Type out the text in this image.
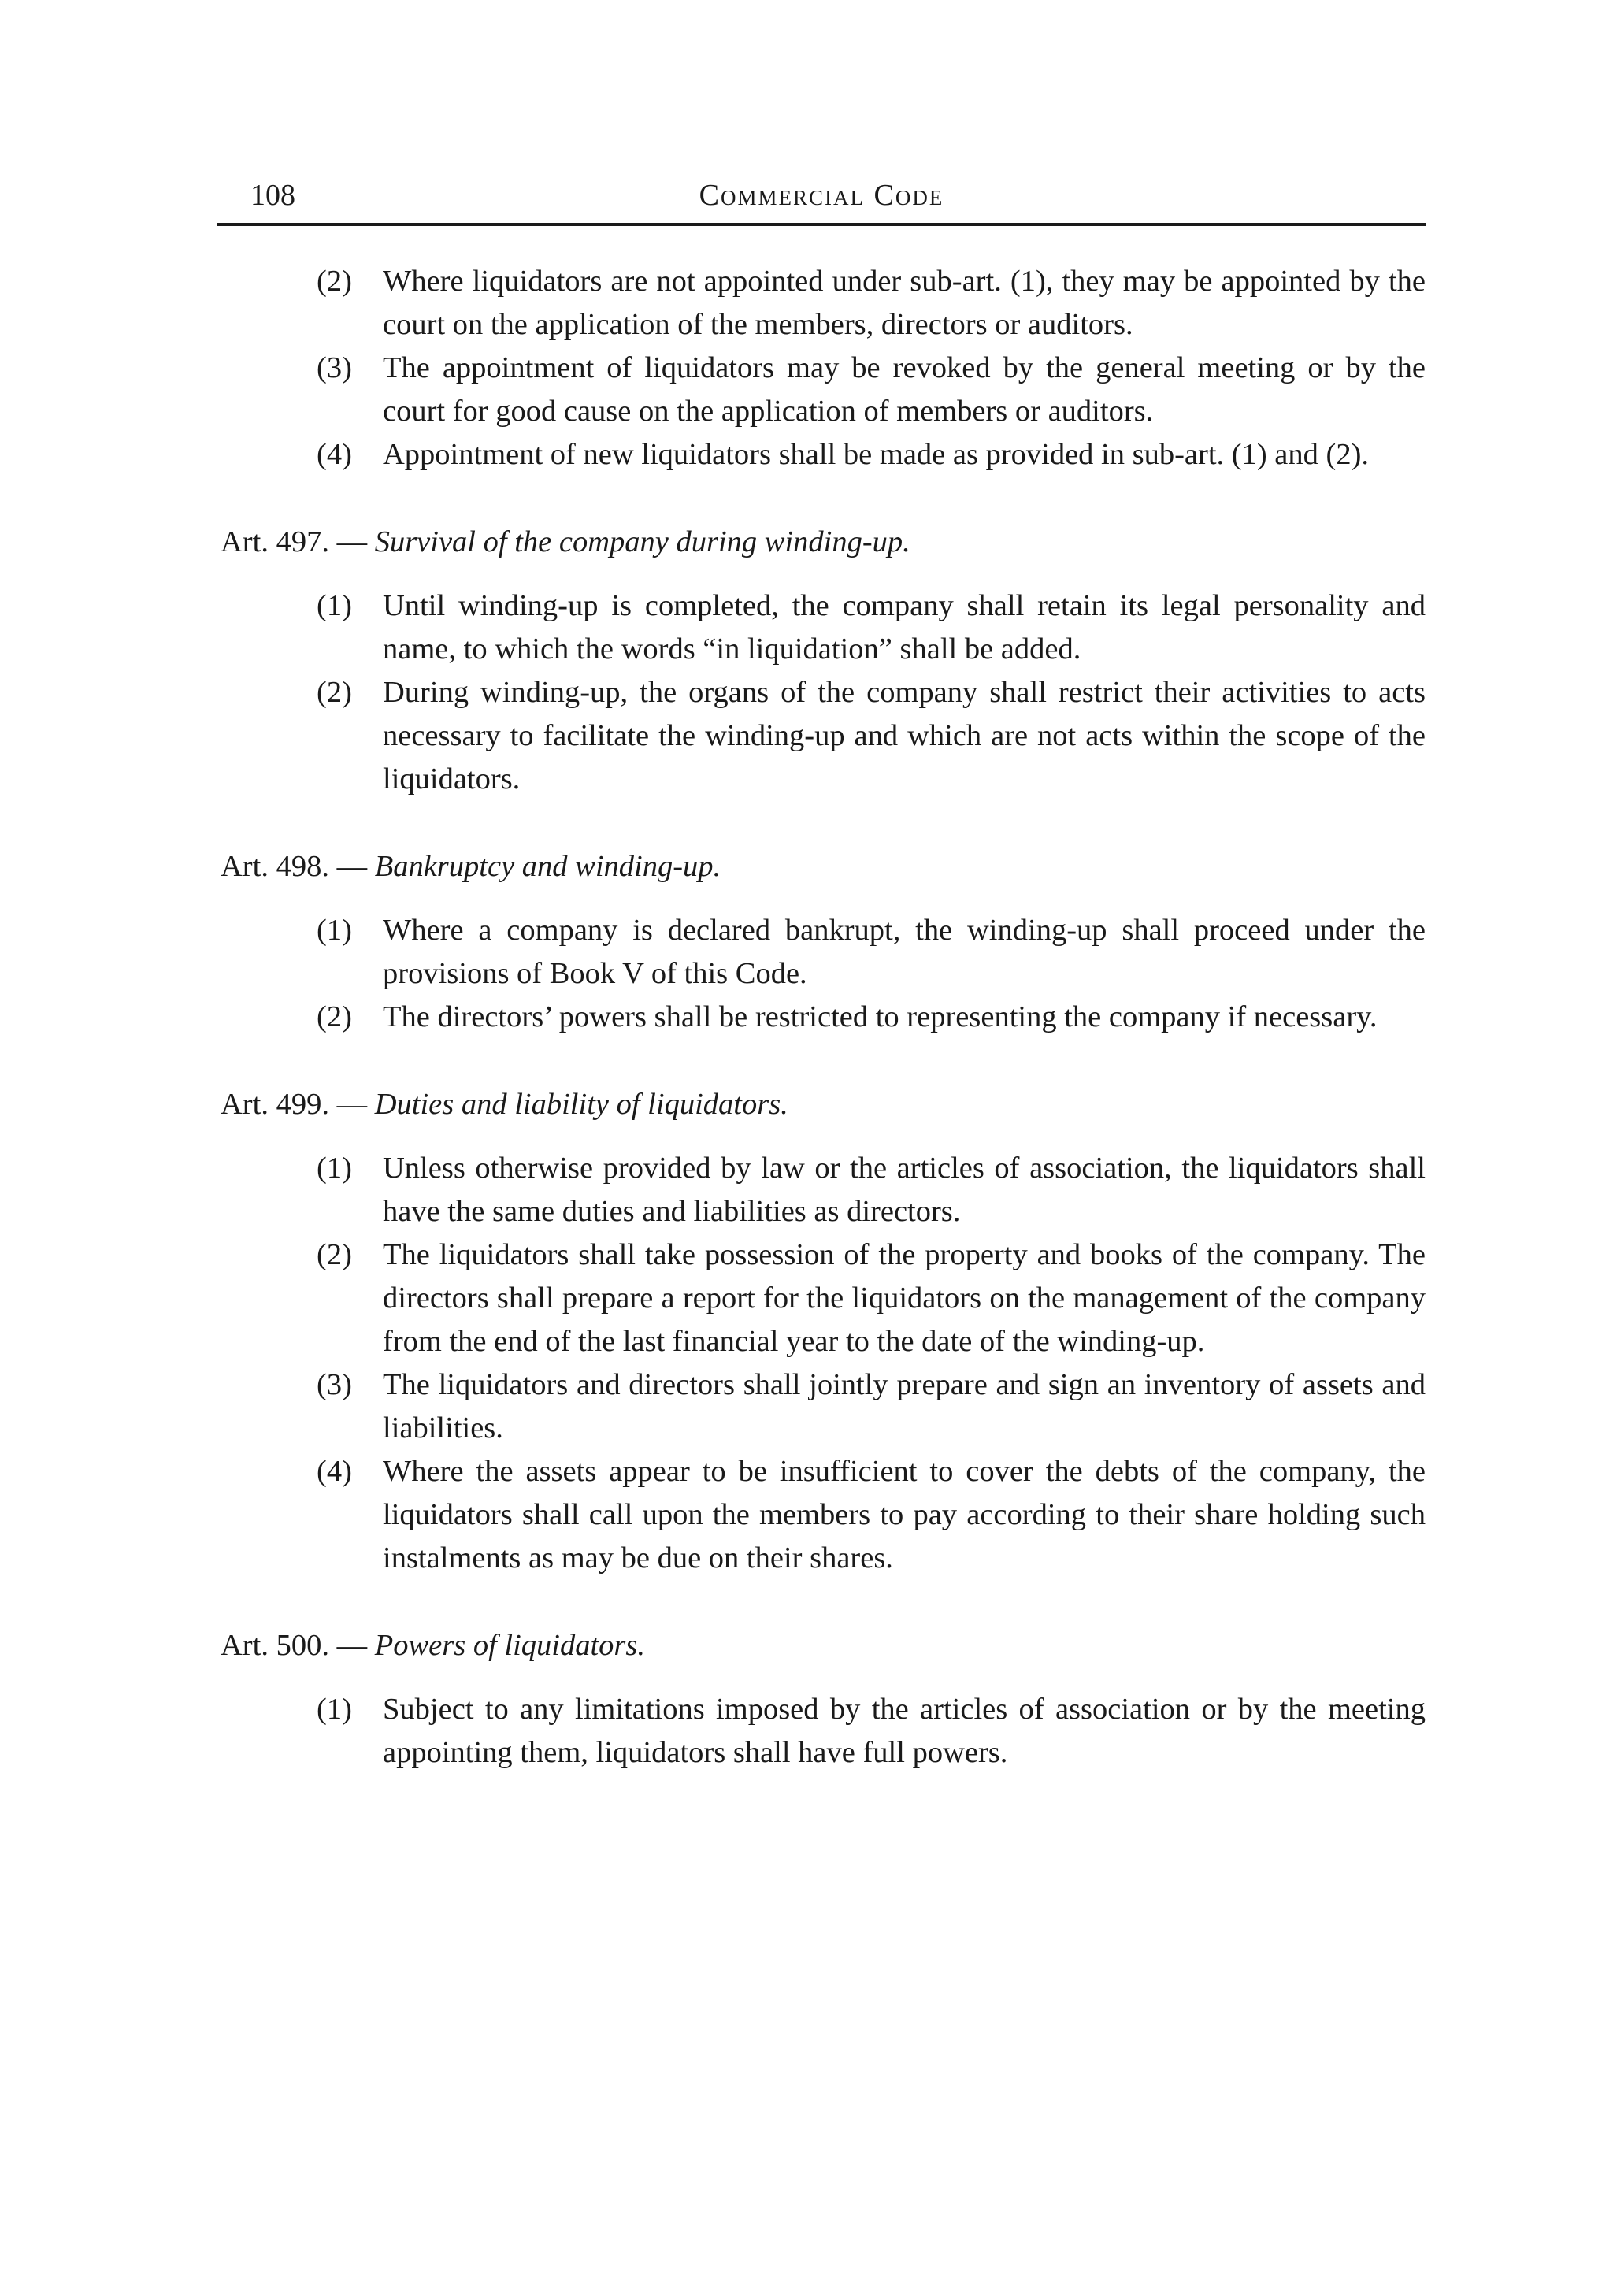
108	Commercial Code
(2)	Where liquidators are not appointed under sub-art. (1), they may be appointed by the court on the application of the members, directors or auditors.
(3)	The appointment of liquidators may be revoked by the general meeting or by the court for good cause on the application of members or auditors.
(4)	Appointment of new liquidators shall be made as provided in sub-art. (1) and (2).
Art. 497. — Survival of the company during winding-up.
(1)	Until winding-up is completed, the company shall retain its legal personality and name, to which the words “in liquidation” shall be added.
(2)	During winding-up, the organs of the company shall restrict their activities to acts necessary to facilitate the winding-up and which are not acts within the scope of the liquidators.
Art. 498. — Bankruptcy and winding-up.
(1)	Where a company is declared bankrupt, the winding-up shall proceed under the provisions of Book V of this Code.
(2)	The directors’ powers shall be restricted to representing the company if necessary.
Art. 499. — Duties and liability of liquidators.
(1)	Unless otherwise provided by law or the articles of association, the liquidators shall have the same duties and liabilities as directors.
(2)	The liquidators shall take possession of the property and books of the company. The directors shall prepare a report for the liquidators on the management of the company from the end of the last financial year to the date of the winding-up.
(3)	The liquidators and directors shall jointly prepare and sign an inventory of assets and liabilities.
(4)	Where the assets appear to be insufficient to cover the debts of the company, the liquidators shall call upon the members to pay according to their share holding such instalments as may be due on their shares.
Art. 500. — Powers of liquidators.
(1)	Subject to any limitations imposed by the articles of association or by the meeting appointing them, liquidators shall have full powers.
